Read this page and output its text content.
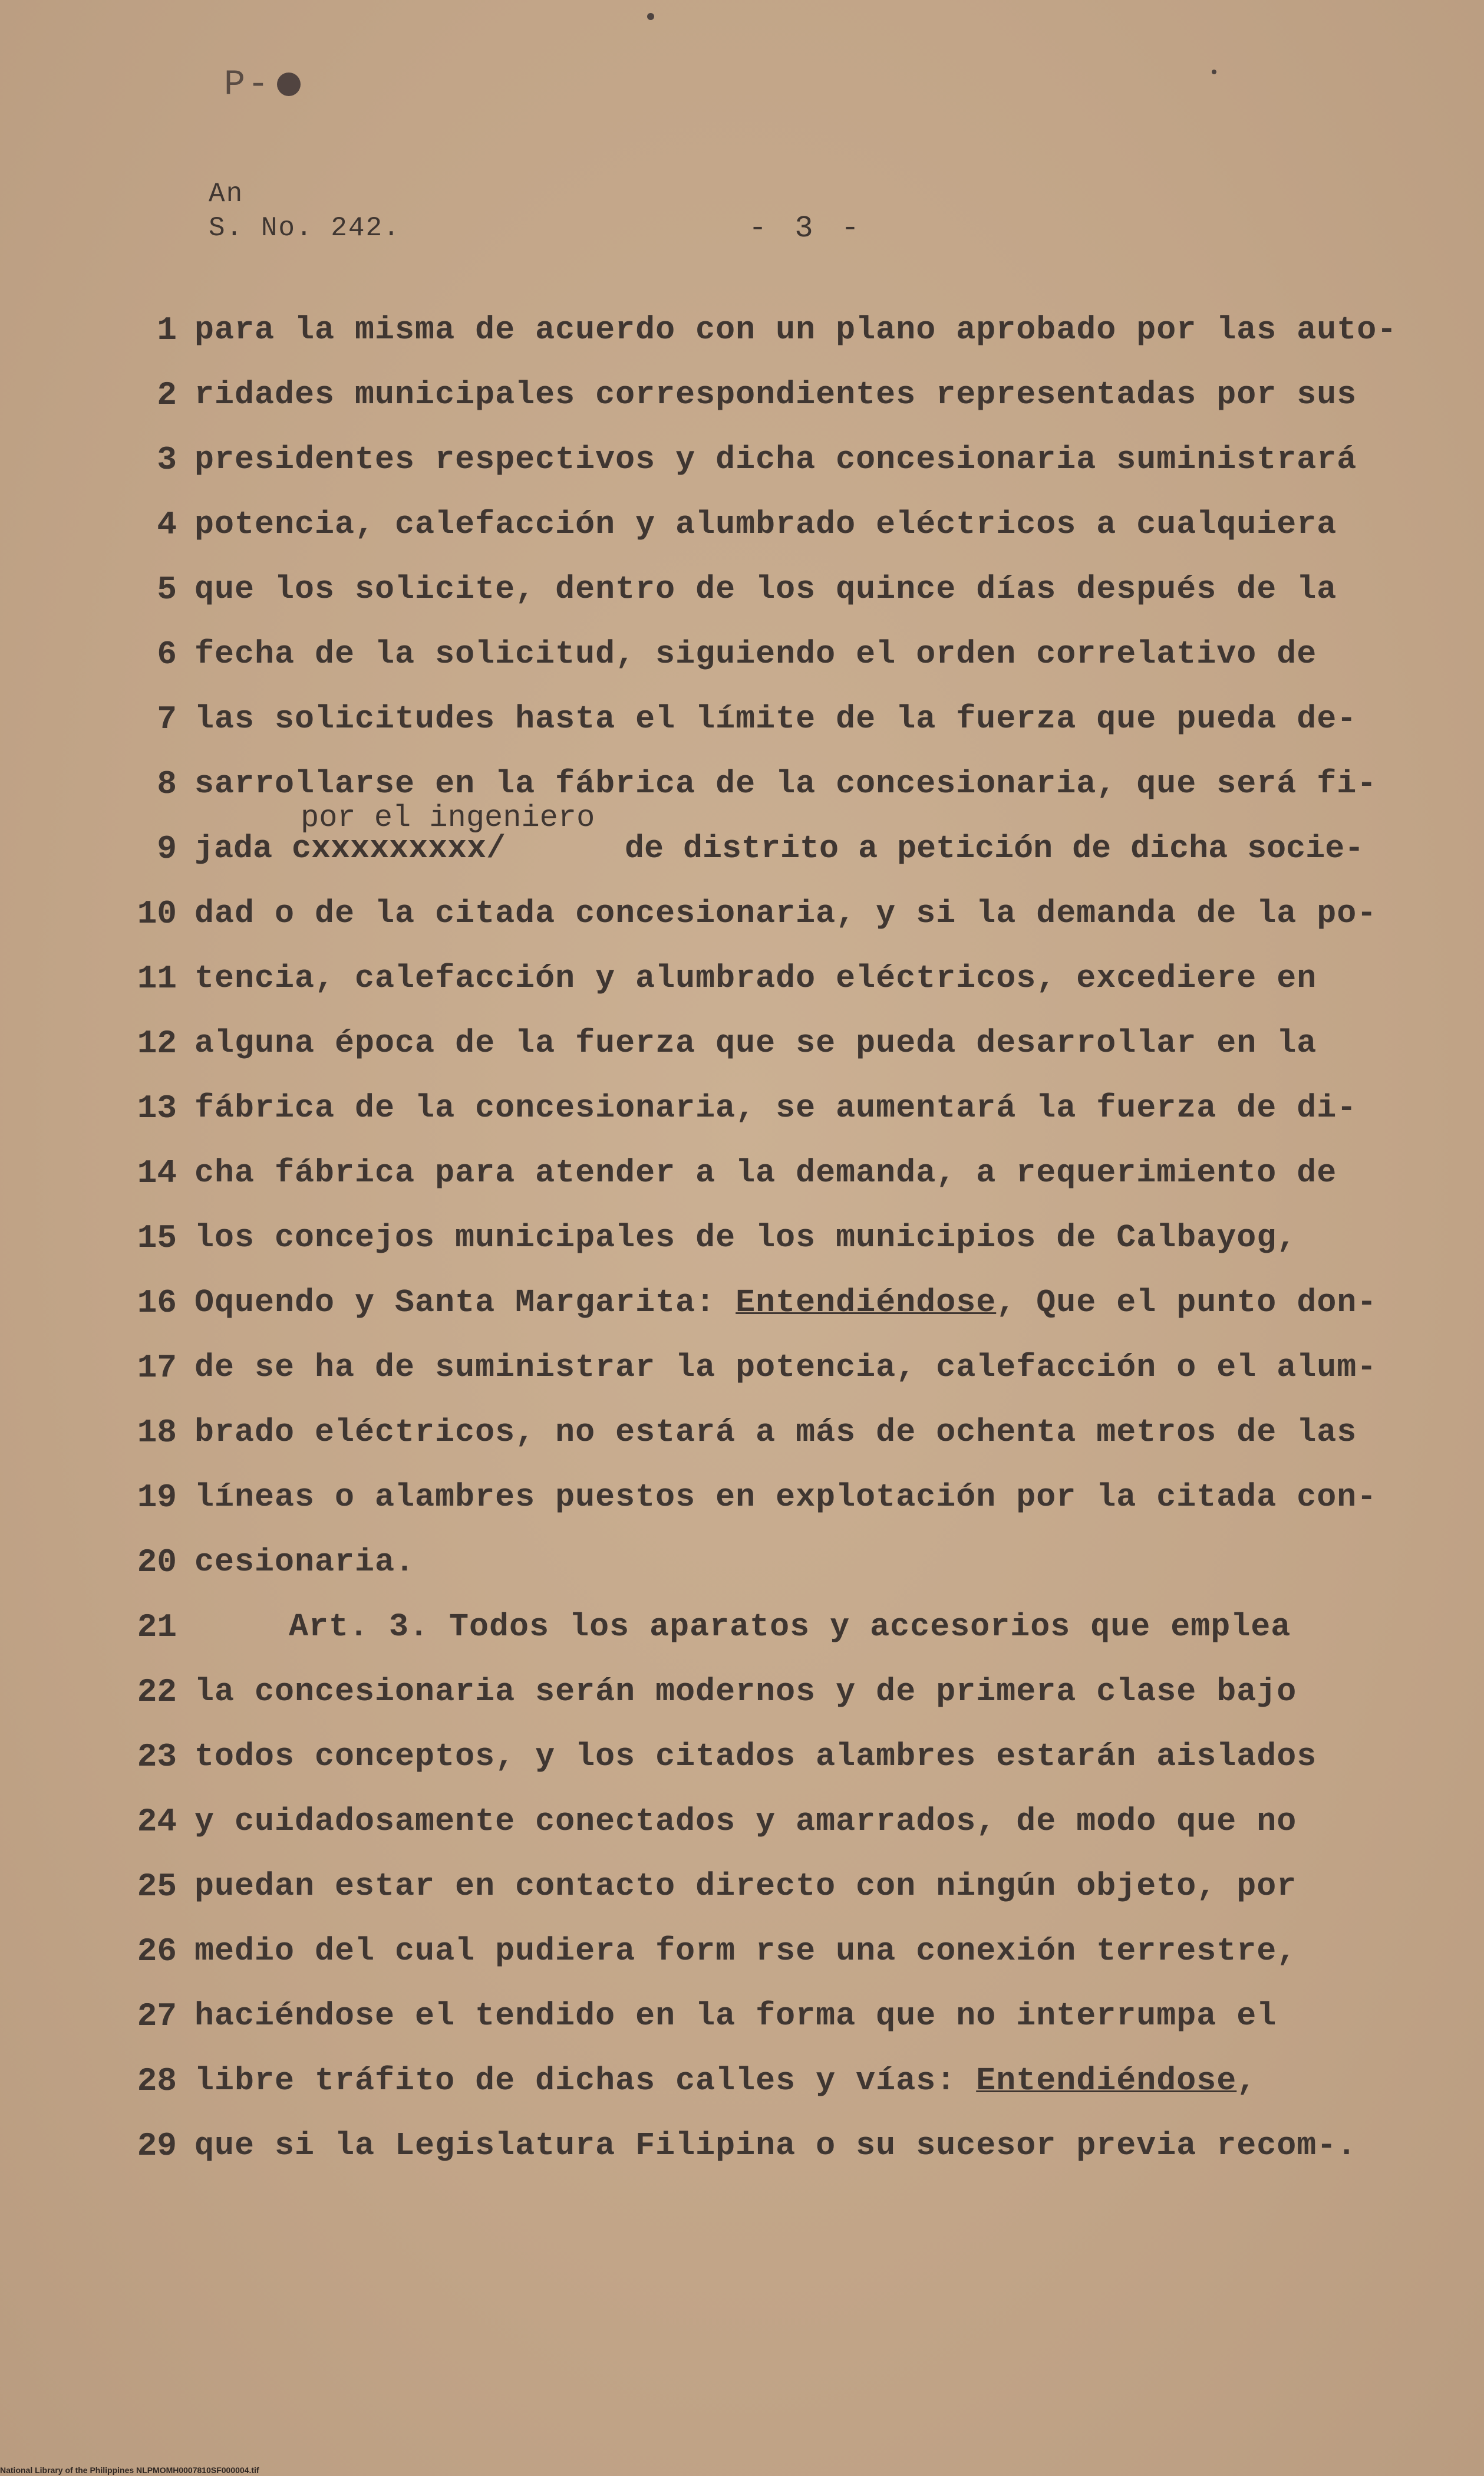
P-
An
S. No. 242.	- 3 -
1 para la misma de acuerdo con un plano aprobado por las auto-
2 ridades municipales correspondientes representadas por sus
3 presidentes respectivos y dicha concesionaria suministrará
4 potencia, calefacción y alumbrado eléctricos a cualquiera
5 que los solicite, dentro de los quince días después de la
6 fecha de la solicitud, siguiendo el orden correlativo de
7 las solicitudes hasta el límite de la fuerza que pueda de-
8 sarrollarse en la fábrica de la concesionaria, que será fi-
por el ingeniero
9 jada cxxxxxxxxx/	de distrito a petición de dicha socie-
10 dad o de la citada concesionaria, y si la demanda de la po-
11 tencia, calefacción y alumbrado eléctricos, excediere en
12 alguna época de la fuerza que se pueda desarrollar en la
13 fábrica de la concesionaria, se aumentará la fuerza de di-
14 cha fábrica para atender a la demanda, a requerimiento de
15 los concejos municipales de los municipios de Calbayog,
16 Oquendo y Santa Margarita: Entendiéndose, Que el punto don-
17 de se ha de suministrar la potencia, calefacción o el alum-
18 brado eléctricos, no estará a más de ochenta metros de las
19 líneas o alambres puestos en explotación por la citada con-
20 cesionaria.
21	Art. 3. Todos los aparatos y accesorios que emplea
22 la concesionaria serán modernos y de primera clase bajo
23 todos conceptos, y los citados alambres estarán aislados
24 y cuidadosamente conectados y amarrados, de modo que no
25 puedan estar en contacto directo con ningún objeto, por
26 medio del cual pudiera form rse una conexión terrestre,
27 haciéndose el tendido en la forma que no interrumpa el
28 libre tráfito de dichas calles y vías: Entendiéndose,
29 que si la Legislatura Filipina o su sucesor previa recom-.
National Library of the Philippines NLPMOMH0007810SF000004.tif
